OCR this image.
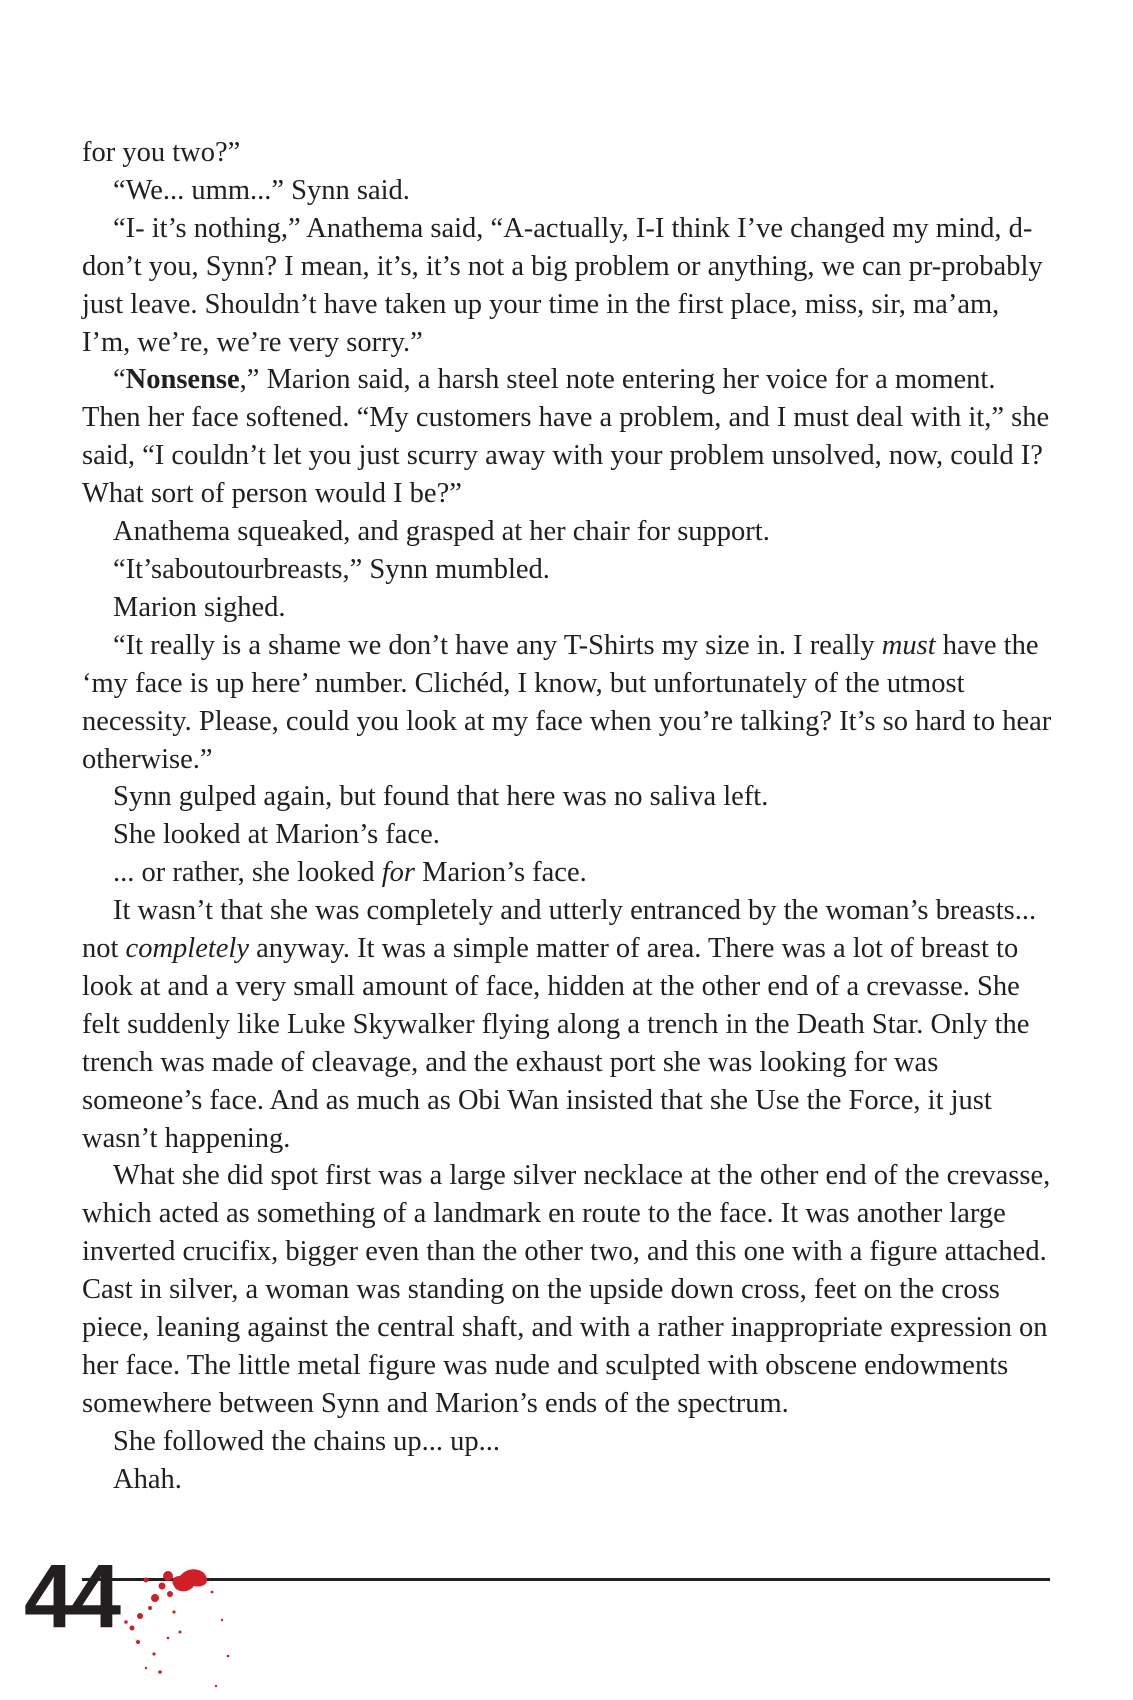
for you two?”

“We... umm...” Synn said.

“I- it’s nothing,” Anathema said, “A-actually, I-I think I’ve changed my mind, d-don’t you, Synn? I mean, it’s, it’s not a big problem or anything, we can pr-probably just leave. Shouldn’t have taken up your time in the first place, miss, sir, ma’am, I’m, we’re, we’re very sorry.”

“Nonsense,” Marion said, a harsh steel note entering her voice for a moment. Then her face softened. “My customers have a problem, and I must deal with it,” she said, “I couldn’t let you just scurry away with your problem unsolved, now, could I? What sort of person would I be?”

Anathema squeaked, and grasped at her chair for support.

“It’saboutourbreasts,” Synn mumbled.

Marion sighed.

“It really is a shame we don’t have any T-Shirts my size in. I really must have the ‘my face is up here’ number. Clichéd, I know, but unfortunately of the utmost necessity. Please, could you look at my face when you’re talking? It’s so hard to hear otherwise.”

Synn gulped again, but found that here was no saliva left.

She looked at Marion’s face.

... or rather, she looked for Marion’s face.

It wasn’t that she was completely and utterly entranced by the woman’s breasts... not completely anyway. It was a simple matter of area. There was a lot of breast to look at and a very small amount of face, hidden at the other end of a crevasse. She felt suddenly like Luke Skywalker flying along a trench in the Death Star. Only the trench was made of cleavage, and the exhaust port she was looking for was someone’s face. And as much as Obi Wan insisted that she Use the Force, it just wasn’t happening.

What she did spot first was a large silver necklace at the other end of the crevasse, which acted as something of a landmark en route to the face. It was another large inverted crucifix, bigger even than the other two, and this one with a figure attached. Cast in silver, a woman was standing on the upside down cross, feet on the cross piece, leaning against the central shaft, and with a rather inappropriate expression on her face. The little metal figure was nude and sculpted with obscene endowments somewhere between Synn and Marion’s ends of the spectrum.

She followed the chains up... up...

Ahah.

44
